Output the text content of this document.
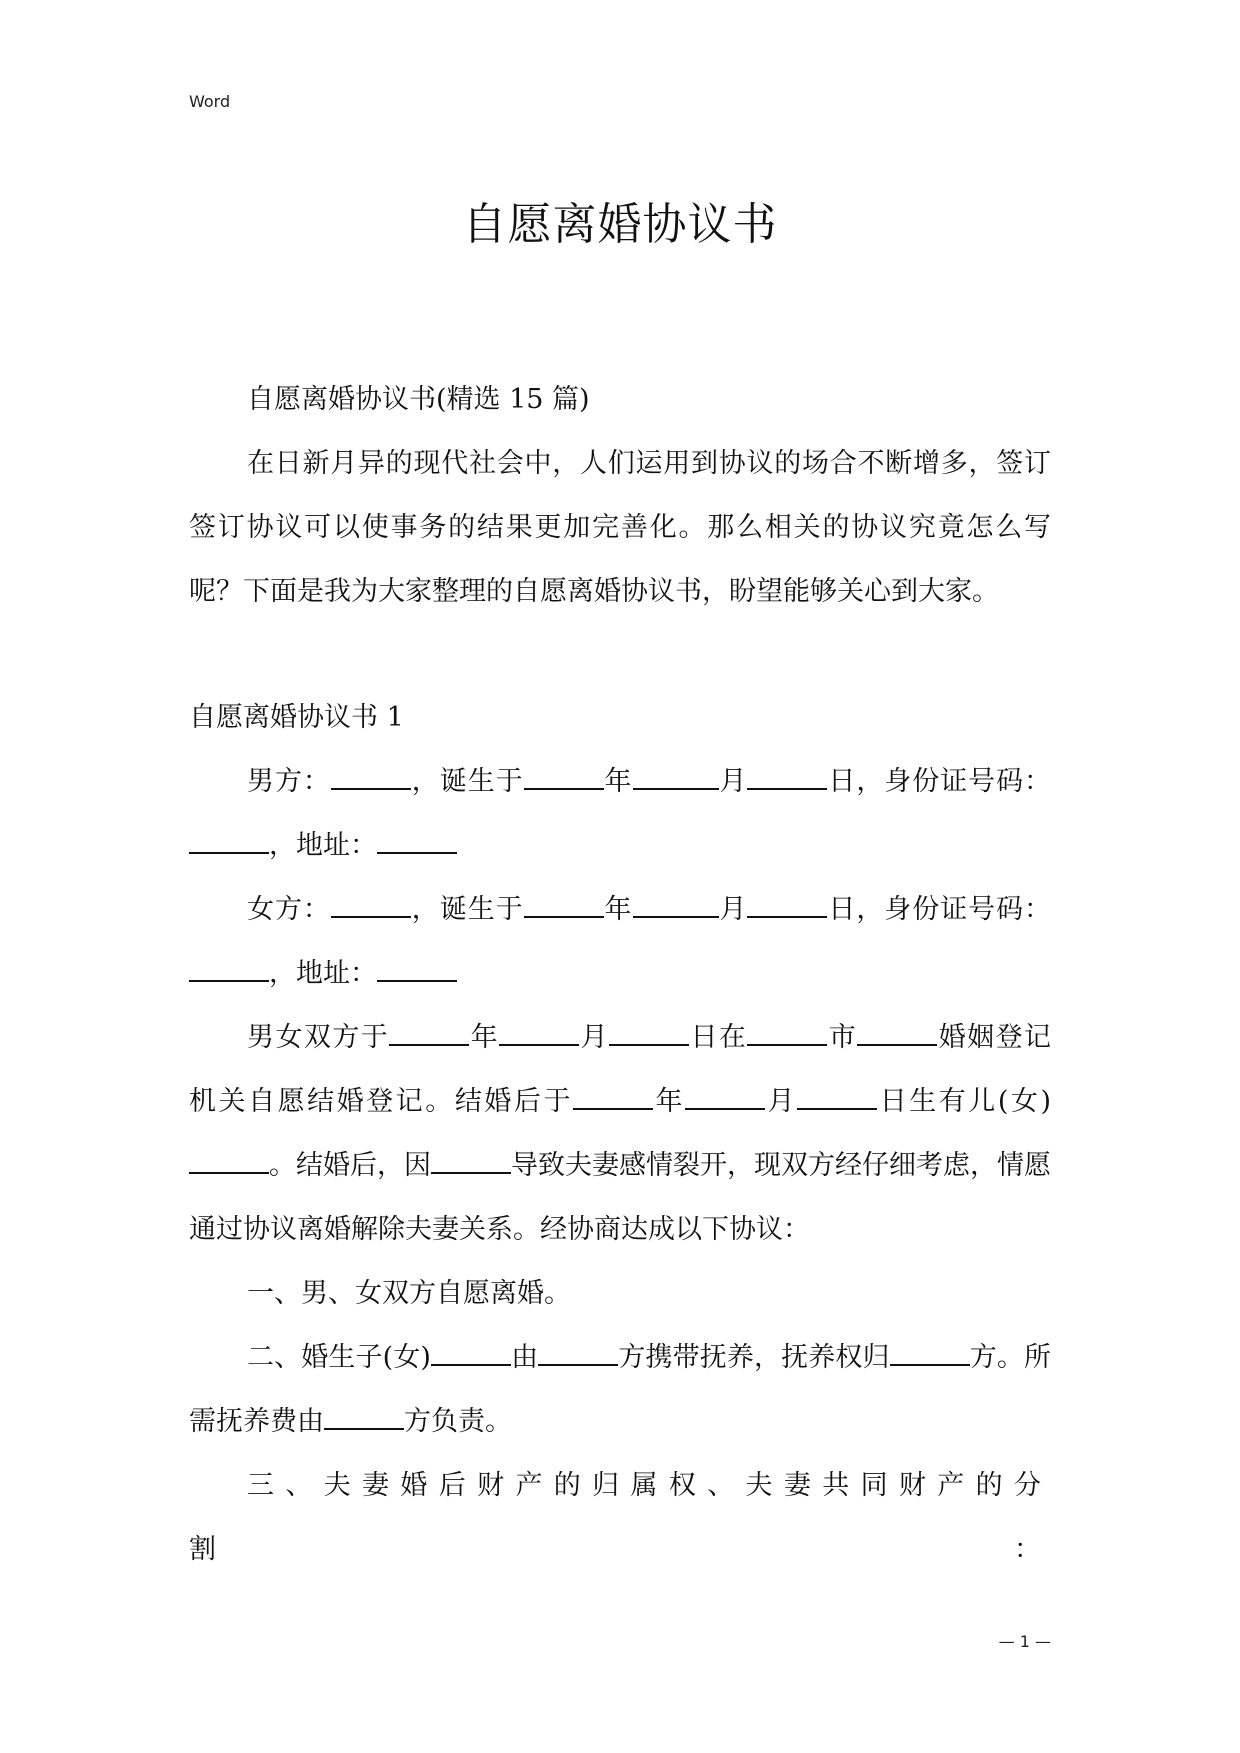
Word
自愿离婚协议书

自愿离婚协议书(精选 15 篇)

在日新月异的现代社会中，人们运用到协议的场合不断增多，签订签订协议可以使事务的结果更加完善化。那么相关的协议究竟怎么写呢？下面是我为大家整理的自愿离婚协议书，盼望能够关心到大家。

自愿离婚协议书 1

男方：	，诞生于	年	月	日，身份证号码：，地址：

女方：	，诞生于	年	月	日，身份证号码：，地址：

男女双方于	年	月	日在	市	婚姻登记机关自愿结婚登记。结婚后于	年	月	日生有儿(女)。结婚后，因	导致夫妻感情裂开，现双方经仔细考虑，情愿通过协议离婚解除夫妻关系。经协商达成以下协议：

一、男、女双方自愿离婚。

二、婚生子(女)	由	方携带抚养，抚养权归	方。所需抚养费由	方负责。

三、夫妻婚后财产的归属权、夫妻共同财产的分割：

— 1 —
